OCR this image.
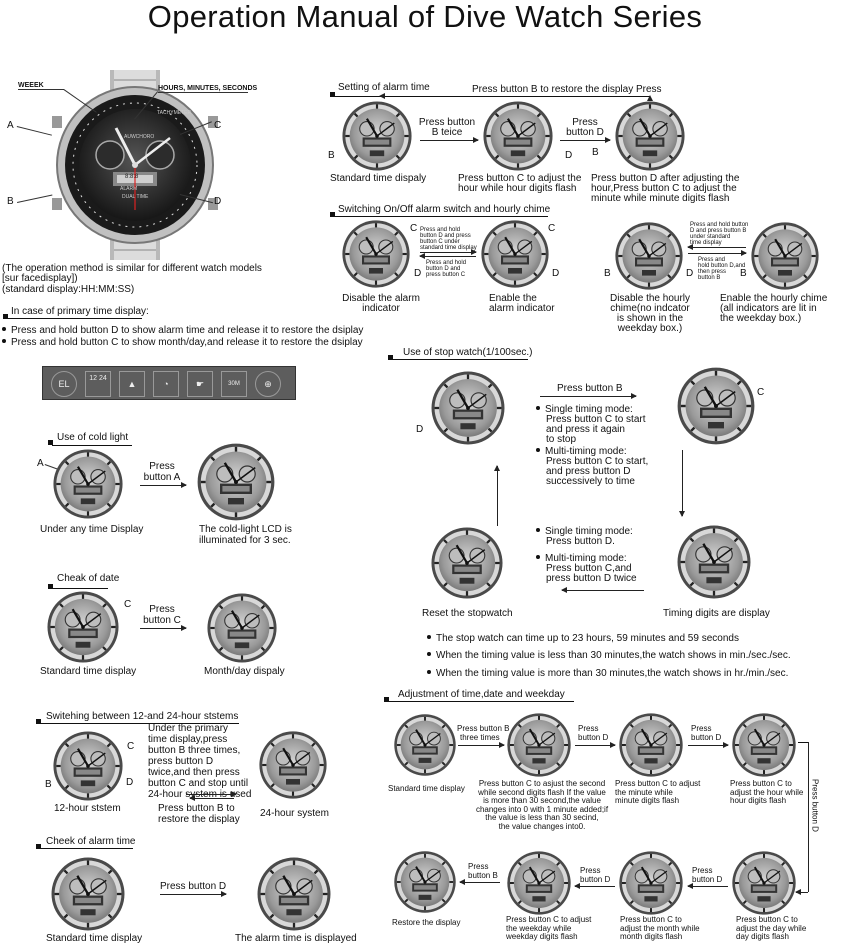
Operation Manual of Dive Watch Series
AUWCHORO
ALARM
TACHYMETER
8:8:8
DUAL TIME
WEEEK	HOURS, MINUTES, SECONDS
A
B
C
D
(The operation method is similar for different watch models
[sur facedisplay])
(standard display:HH:MM:SS)
In case of primary time display:
Press and hold button D to show alarm time and release it to restore the dsiplay
Press and hold button C to show month/day,and release it to restore the dsiplay
EL
12 24
▲	◔	☛	30M	⊕
Use of cold light
A	Press
button A
Under any time Display	The cold-light LCD is
illuminated for 3 sec.
Cheak of date
C	Press
button C
Standard time display	Month/day dispaly
Switehing between 12-and 24-hour ststems
C
B	D
Under the primary
time display,press
button B three times,
press button D
twice,and then press
button C and stop until
24-hour system is used
Press button B to
restore the display
12-hour ststem	24-hour system
Cheek of alarm time
Press button D
Standard time display	The alarm time is displayed
Setting of alarm time	Press button B to restore the display Press
B
Press button
B teice
D
Press
button D
B
Standard time dispaly	Press button C to adjust the
hour while hour digits flash
Press button D after adjusting the
hour,Press button C to adjust the
minute while minute digits flash
Switching On/Off alarm switch and hourly chime
C
D
Press and hold
button D and press
button C under
standard time display
Press and hold
button D and
press button C
C
D
Disable the alarm
indicator
Enable the
alarm indicator
B	D
Press and hold button
D and press button B
under standard
time display
Press and
hold button D,and
then press
button B B
Disable the hourly
chime(no indcator
is shown in the
weekday box.)
Enable the hourly chime
(all indicators are lit in
the weekday box.)
Use of stop watch(1/100sec.)
D
Press button B	C
Single timing mode:
Press button C to start
and press it again
to stop
Multi-timing mode:
Press button C to start,
and press button D
successively to time
Single timing mode:
Press button D.
Multi-timing mode:
Press button C,and
press button D twice
Reset the stopwatch	Timing digits are display
The stop watch can time up to 23 hours, 59 minutes and 59 seconds
When the timing value is less than 30 minutes,the watch shows in min./sec./sec.
When the timing value is more than 30 minutes,the watch shows in hr./min./sec.
Adjustment of time,date and weekday
Press button B
three times
Press
button D
Press
button D
Press button D
Standard time display
Press button C to asjust the second
while second digits flash If the value
is more than 30 second,the value
changes into 0 with 1 minute added;if
the value is less than 30 secind,
the value changes into0.
Press button C to adjust
the minute while
minute digits flash
Press button C to
adjust the hour while
hour digits flash
Press
button B
Press
button D
Press
button D
Restore the display	Press button C to adjust
the weekday while
weekday digits flash
Press button C to
adjust the month while
month digits flash
Press button C to
adjust the day while
day digits flash
